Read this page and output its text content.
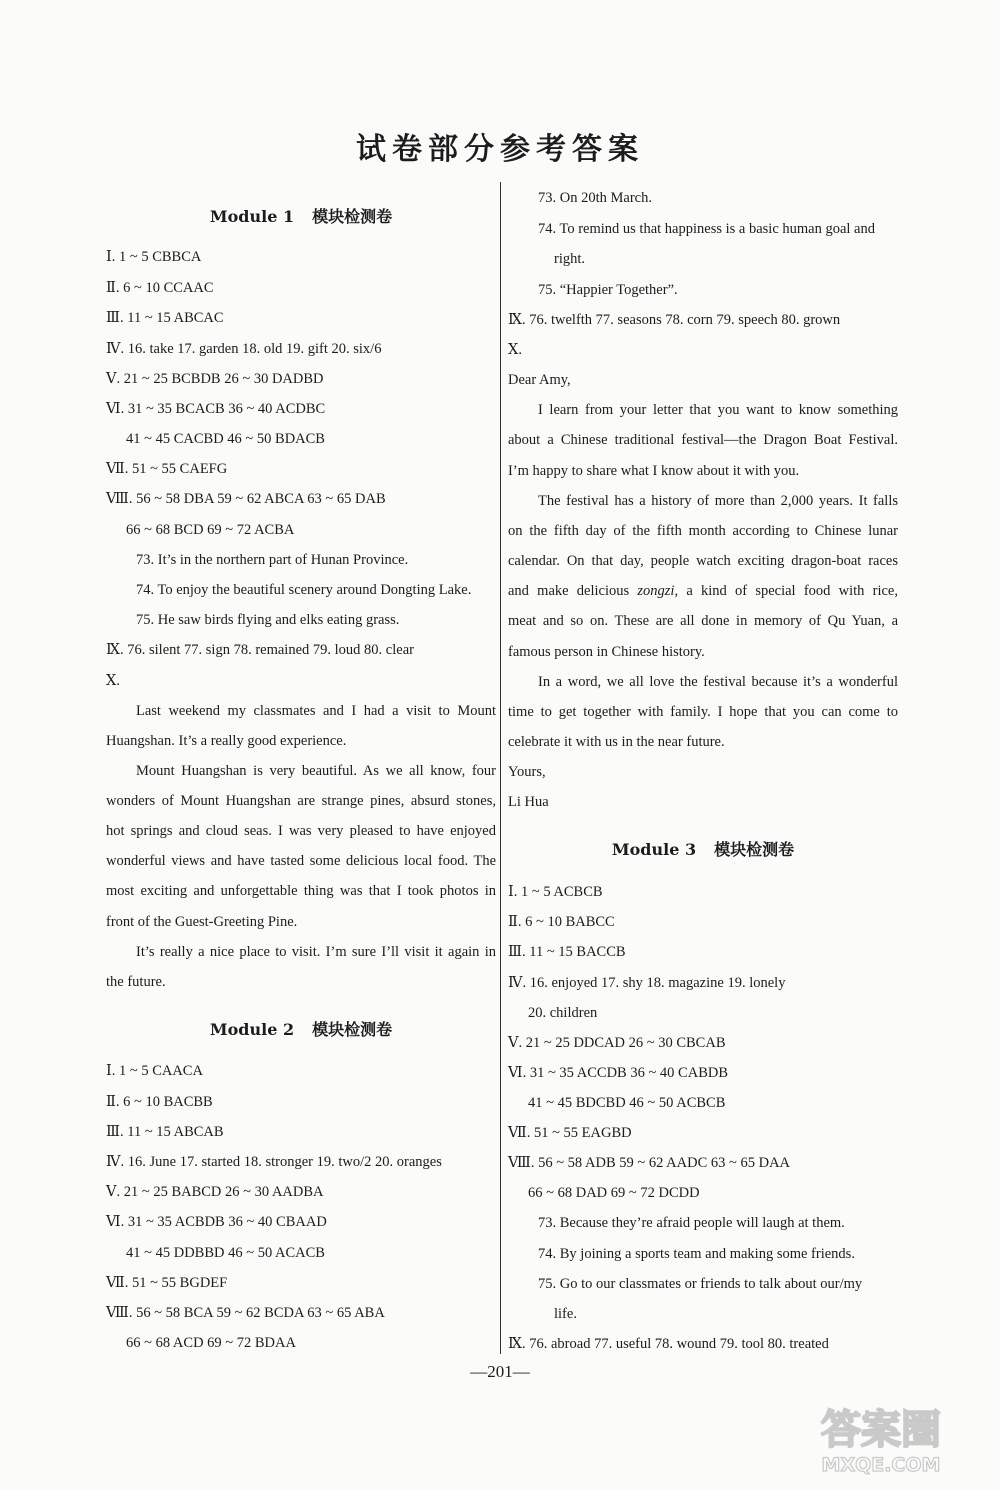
试卷部分参考答案
Module 1 模块检测卷
Ⅰ. 1 ~ 5 CBBCA
Ⅱ. 6 ~ 10 CCAAC
Ⅲ. 11 ~ 15 ABCAC
Ⅳ. 16. take 17. garden 18. old 19. gift 20. six/6
Ⅴ. 21 ~ 25 BCBDB 26 ~ 30 DADBD
Ⅵ. 31 ~ 35 BCACB 36 ~ 40 ACDBC
41 ~ 45 CACBD 46 ~ 50 BDACB
Ⅶ. 51 ~ 55 CAEFG
Ⅷ. 56 ~ 58 DBA 59 ~ 62 ABCA 63 ~ 65 DAB
66 ~ 68 BCD 69 ~ 72 ACBA
73. It’s in the northern part of Hunan Province.
74. To enjoy the beautiful scenery around Dongting Lake.
75. He saw birds flying and elks eating grass.
Ⅸ. 76. silent 77. sign 78. remained 79. loud 80. clear
Ⅹ.
Last weekend my classmates and I had a visit to Mount
Huangshan. It’s a really good experience.
Mount Huangshan is very beautiful. As we all know, four
wonders of Mount Huangshan are strange pines, absurd stones,
hot springs and cloud seas. I was very pleased to have enjoyed
wonderful views and have tasted some delicious local food. The
most exciting and unforgettable thing was that I took photos in
front of the Guest-Greeting Pine.
It’s really a nice place to visit. I’m sure I’ll visit it again in
the future.
Module 2 模块检测卷
Ⅰ. 1 ~ 5 CAACA
Ⅱ. 6 ~ 10 BACBB
Ⅲ. 11 ~ 15 ABCAB
Ⅳ. 16. June 17. started 18. stronger 19. two/2 20. oranges
Ⅴ. 21 ~ 25 BABCD 26 ~ 30 AADBA
Ⅵ. 31 ~ 35 ACBDB 36 ~ 40 CBAAD
41 ~ 45 DDBBD 46 ~ 50 ACACB
Ⅶ. 51 ~ 55 BGDEF
Ⅷ. 56 ~ 58 BCA 59 ~ 62 BCDA 63 ~ 65 ABA
66 ~ 68 ACD 69 ~ 72 BDAA
73. On 20th March.
74. To remind us that happiness is a basic human goal and
right.
75. “Happier Together”.
Ⅸ. 76. twelfth 77. seasons 78. corn 79. speech 80. grown
Ⅹ.
Dear Amy,
I learn from your letter that you want to know something
about a Chinese traditional festival—the Dragon Boat Festival.
I’m happy to share what I know about it with you.
The festival has a history of more than 2,000 years. It falls
on the fifth day of the fifth month according to Chinese lunar
calendar. On that day, people watch exciting dragon-boat races
and make delicious zongzi, a kind of special food with rice,
meat and so on. These are all done in memory of Qu Yuan, a
famous person in Chinese history.
In a word, we all love the festival because it’s a wonderful
time to get together with family. I hope that you can come to
celebrate it with us in the near future.
Yours,
Li Hua
Module 3 模块检测卷
Ⅰ. 1 ~ 5 ACBCB
Ⅱ. 6 ~ 10 BABCC
Ⅲ. 11 ~ 15 BACCB
Ⅳ. 16. enjoyed 17. shy 18. magazine 19. lonely
20. children
Ⅴ. 21 ~ 25 DDCAD 26 ~ 30 CBCAB
Ⅵ. 31 ~ 35 ACCDB 36 ~ 40 CABDB
41 ~ 45 BDCBD 46 ~ 50 ACBCB
Ⅶ. 51 ~ 55 EAGBD
Ⅷ. 56 ~ 58 ADB 59 ~ 62 AADC 63 ~ 65 DAA
66 ~ 68 DAD 69 ~ 72 DCDD
73. Because they’re afraid people will laugh at them.
74. By joining a sports team and making some friends.
75. Go to our classmates or friends to talk about our/my
life.
Ⅸ. 76. abroad 77. useful 78. wound 79. tool 80. treated
—201—
答案圈
MXQE.COM
